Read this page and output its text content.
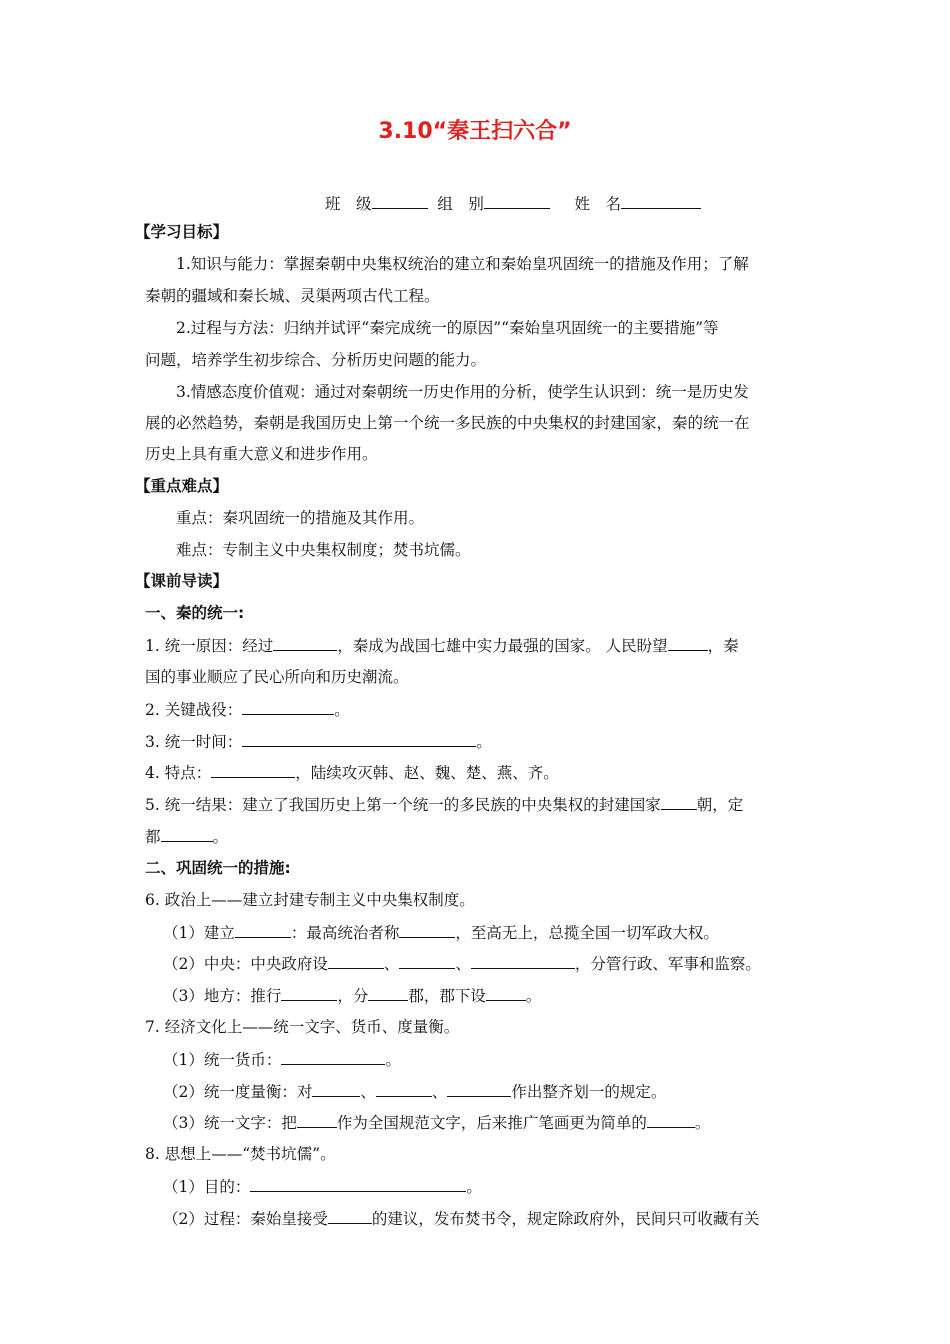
3.10“秦王扫六合”
班　级	组　别	姓　名
【学习目标】
1.知识与能力：掌握秦朝中央集权统治的建立和秦始皇巩固统一的措施及作用；了解
秦朝的疆域和秦长城、灵渠两项古代工程。
2.过程与方法：归纳并试评“秦完成统一的原因”“秦始皇巩固统一的主要措施”等
问题，培养学生初步综合、分析历史问题的能力。
3.情感态度价值观：通过对秦朝统一历史作用的分析，使学生认识到：统一是历史发
展的必然趋势，秦朝是我国历史上第一个统一多民族的中央集权的封建国家，秦的统一在
历史上具有重大意义和进步作用。
【重点难点】
重点：秦巩固统一的措施及其作用。
难点：专制主义中央集权制度；焚书坑儒。
【课前导读】
一、秦的统一:
1. 统一原因：经过	，秦成为战国七雄中实力最强的国家。 人民盼望	，秦
国的事业顺应了民心所向和历史潮流。
2. 关键战役：	。
3. 统一时间：	。
4. 特点：	，陆续攻灭韩、赵、魏、楚、燕、齐。
5. 统一结果：建立了我国历史上第一个统一的多民族的中央集权的封建国家 朝，定
都	。
二、巩固统一的措施:
6. 政治上——建立封建专制主义中央集权制度。
（1）建立	：最高统治者称	，至高无上，总揽全国一切军政大权。
（2）中央：中央政府设	、	、	，分管行政、军事和监察。
（3）地方：推行	，分	郡，郡下设	。
7. 经济文化上——统一文字、货币、度量衡。
（1）统一货币：	。
（2）统一度量衡：对	、	、	作出整齐划一的规定。
（3）统一文字：把	作为全国规范文字，后来推广笔画更为简单的	。
8. 思想上——“焚书坑儒”。
（1）目的：	。
（2）过程：秦始皇接受	的建议，发布焚书令，规定除政府外，民间只可收藏有关
